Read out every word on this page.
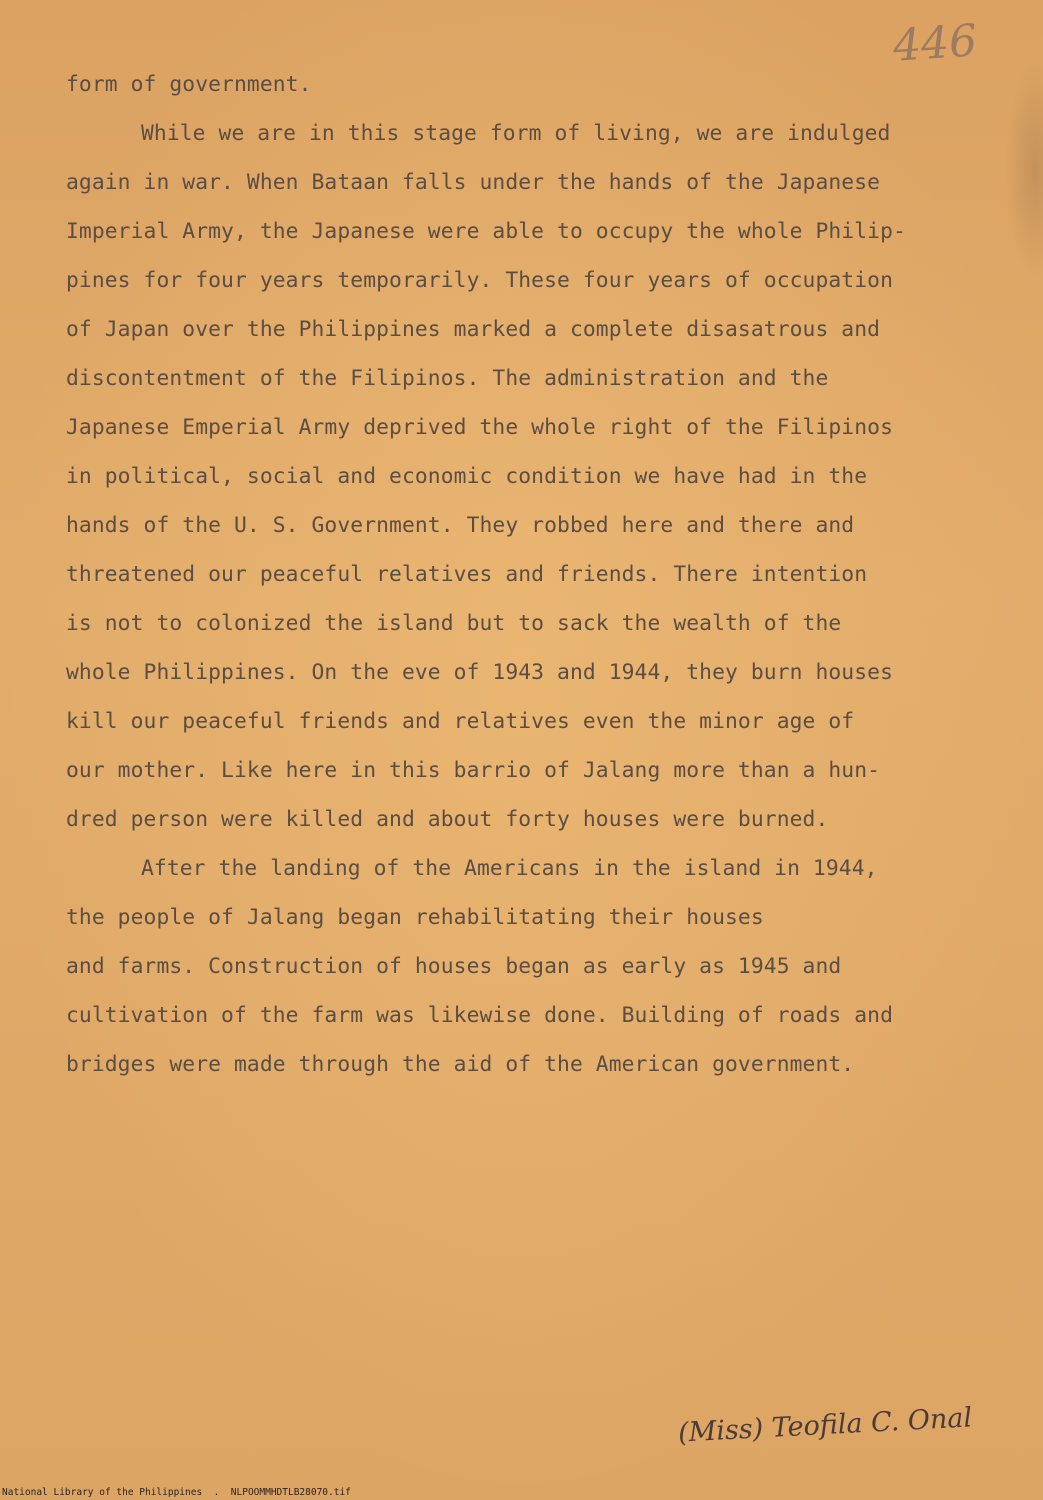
446
form of government.
While we are in this stage form of living, we are indulged
again in war. When Bataan falls under the hands of the Japanese
Imperial Army, the Japanese were able to occupy the whole Philip-
pines for four years temporarily. These four years of occupation
of Japan over the Philippines marked a complete disasatrous and
discontentment of the Filipinos. The administration and the
Japanese Emperial Army deprived the whole right of the Filipinos
in political, social and economic condition we have had in the
hands of the U. S. Government. They robbed here and there and
threatened our peaceful relatives and friends. There intention
is not to colonized the island but to sack the wealth of the
whole Philippines. On the eve of 1943 and 1944, they burn houses
kill our peaceful friends and relatives even the minor age of
our mother. Like here in this barrio of Jalang more than a hun-
dred person were killed and about forty houses were burned.
After the landing of the Americans in the island in 1944,
the people of Jalang began rehabilitating their houses
and farms. Construction of houses began as early as 1945 and
cultivation of the farm was likewise done. Building of roads and
bridges were made through the aid of the American government.
(Miss) Teofila C. Onal
National Library of the Philippines  .  NLPOOMMHDTLB28070.tif
